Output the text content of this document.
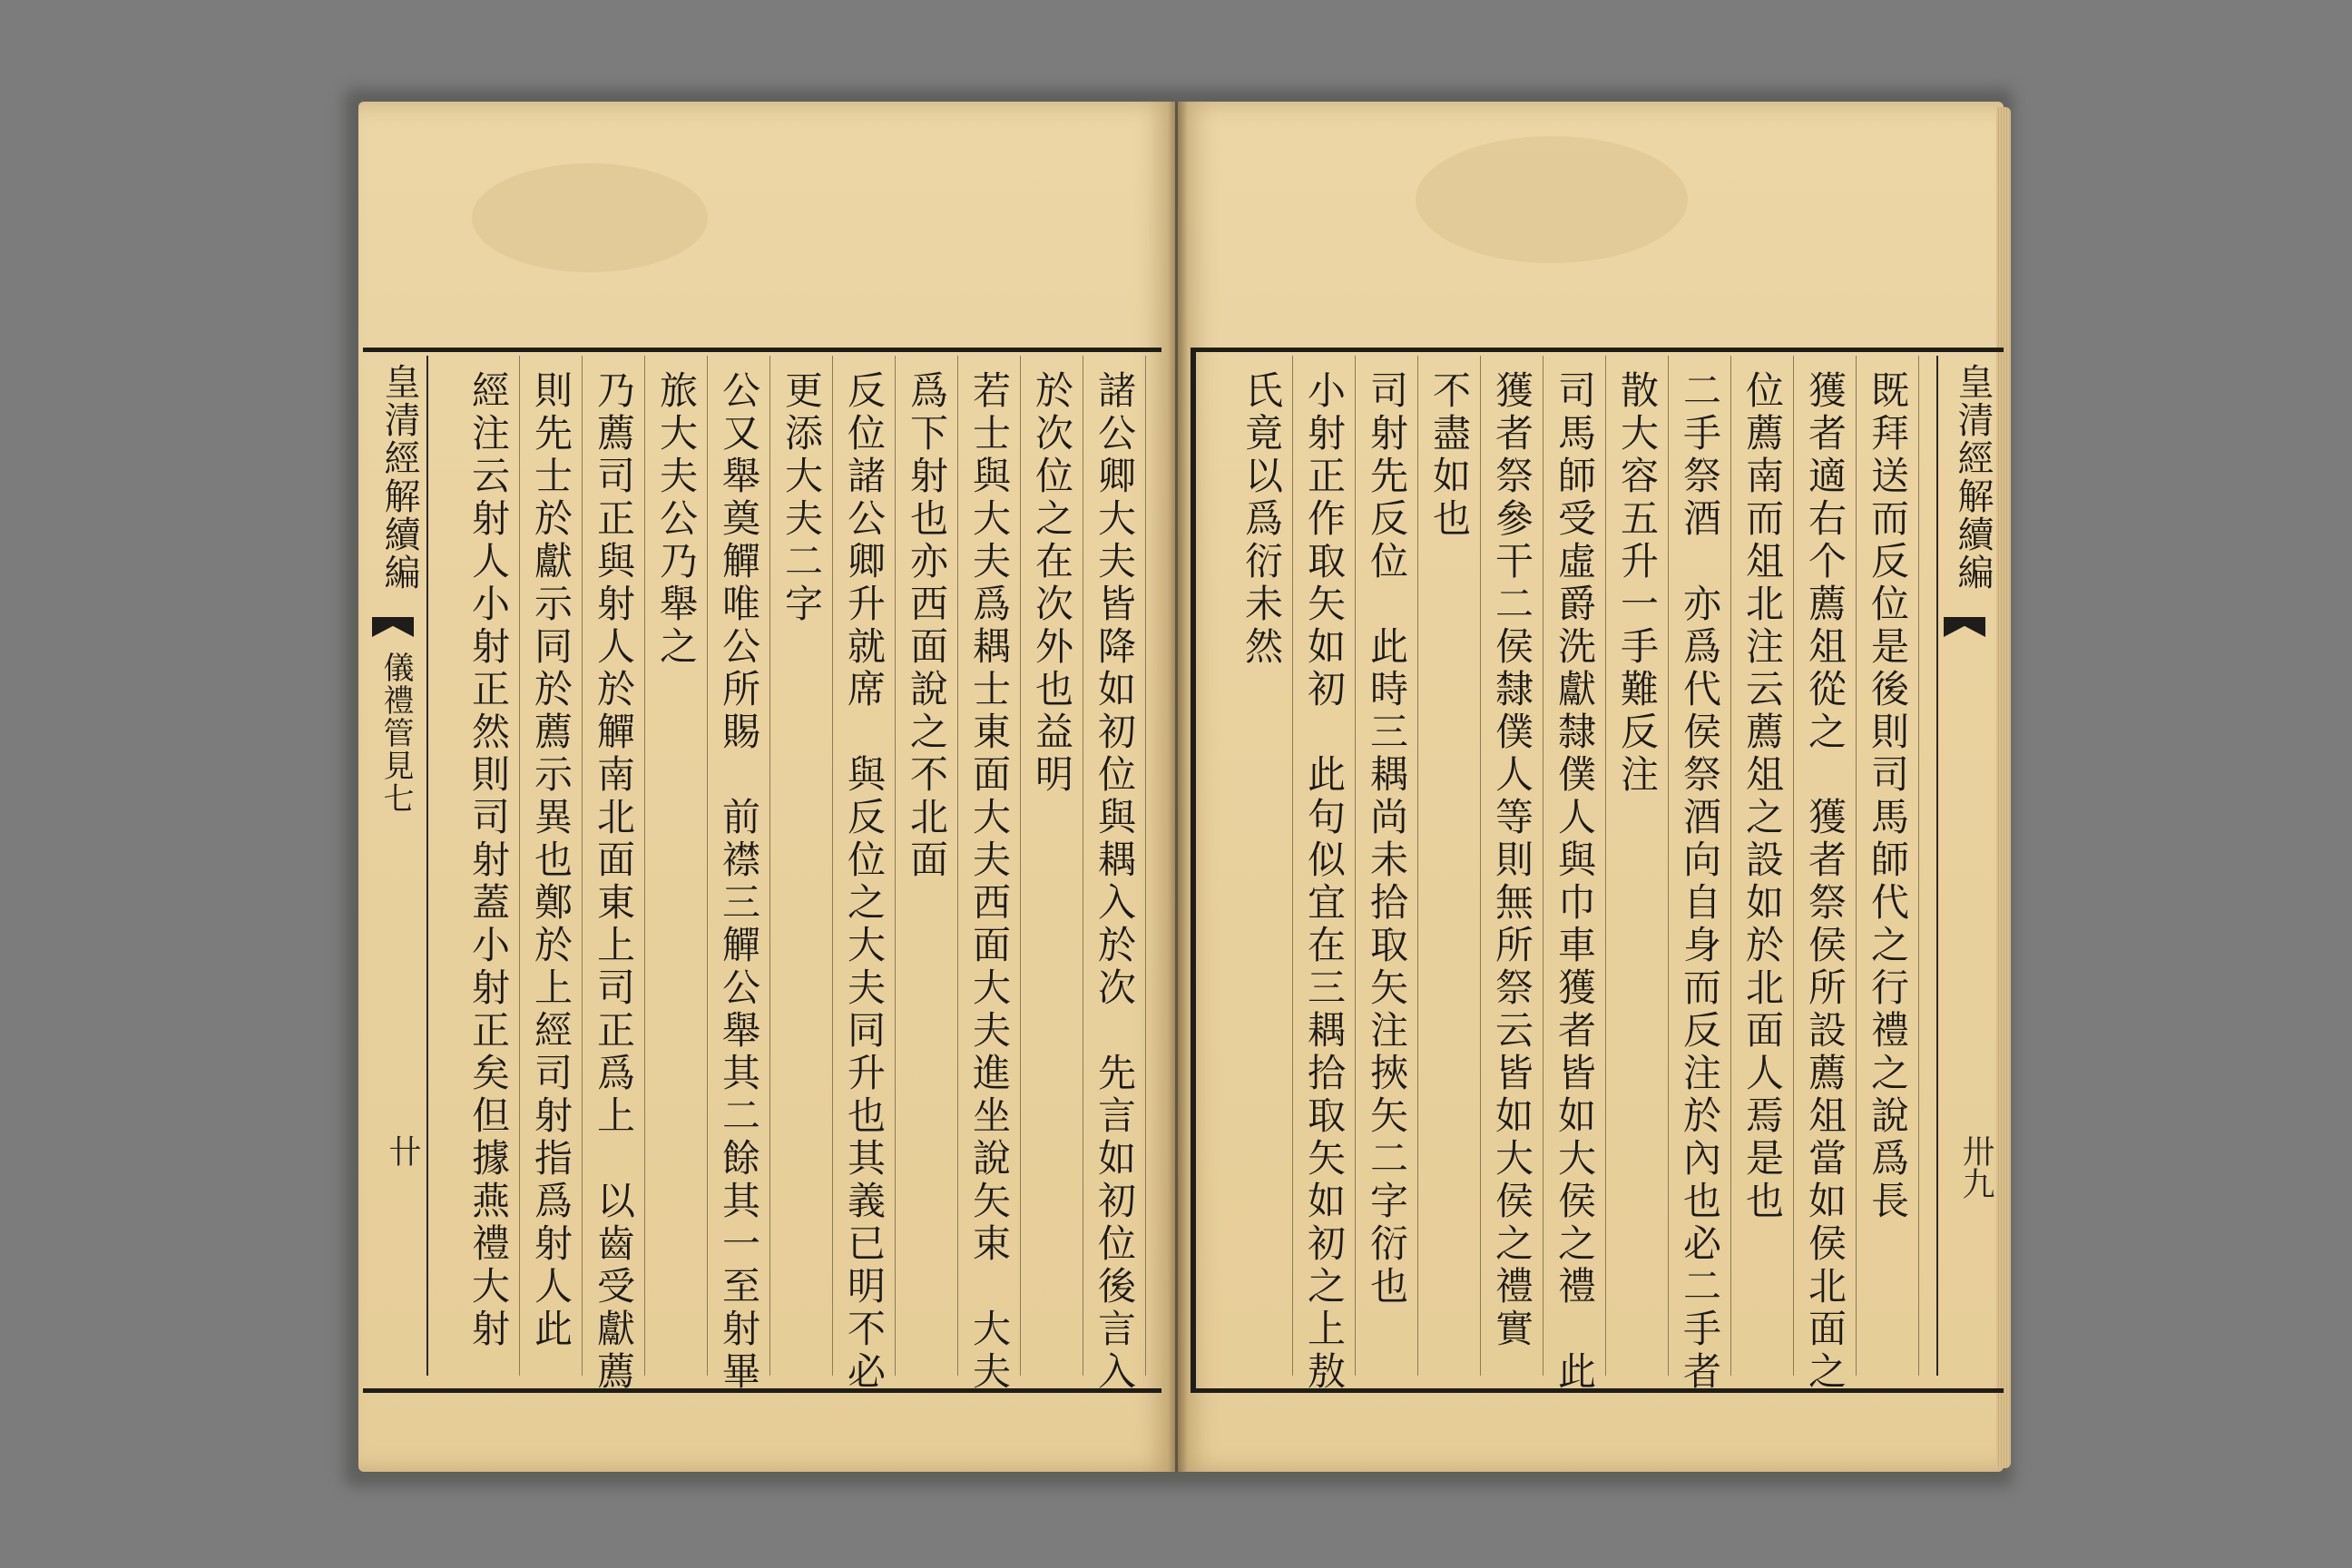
皇清經解續編
儀禮管見七
卄
皇清經解續編
卅九
諸公卿大夫皆降如初位與耦入於次　先言如初位後言入
於次位之在次外也益明
若士與大夫爲耦士東面大夫西面大夫進坐說矢束　大夫
爲下射也亦西面說之不北面
反位諸公卿升就席　與反位之大夫同升也其義已明不必
更添大夫二字
公又舉奠觶唯公所賜　前襟三觶公舉其二餘其一至射畢
旅大夫公乃舉之
乃薦司正與射人於觶南北面東上司正爲上　以齒受獻薦
則先士於獻示同於薦示異也鄭於上經司射指爲射人此
經注云射人小射正然則司射蓋小射正矣但據燕禮大射	既拜送而反位是後則司馬師代之行禮之說爲長
獲者適右个薦俎從之　獲者祭侯所設薦俎當如侯北面之
位薦南而俎北注云薦俎之設如於北面人焉是也
二手祭酒　亦爲代侯祭酒向自身而反注於內也必二手者
散大容五升一手難反注
司馬師受虛爵洗獻隸僕人與巾車獲者皆如大侯之禮　此
獲者祭參干二侯隸僕人等則無所祭云皆如大侯之禮實
不盡如也
司射先反位　此時三耦尚未拾取矢注挾矢二字衍也
小射正作取矢如初　此句似宜在三耦拾取矢如初之上敖
氏竟以爲衍未然
